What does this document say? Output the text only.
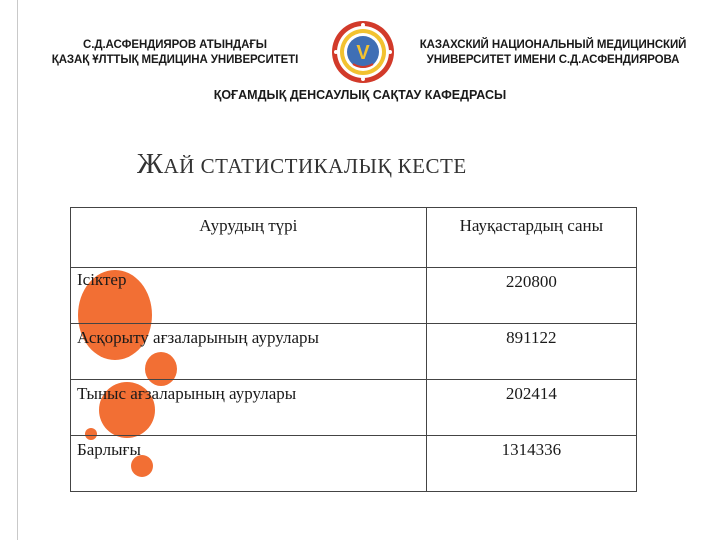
С.Д.АСФЕНДИЯРОВ АТЫНДАҒЫ
ҚАЗАҚ ҰЛТТЫҚ МЕДИЦИНА УНИВЕРСИТЕТІ	V	КАЗАХСКИЙ НАЦИОНАЛЬНЫЙ МЕДИЦИНСКИЙ
УНИВЕРСИТЕТ ИМЕНИ С.Д.АСФЕНДИЯРОВА
ҚОҒАМДЫҚ ДЕНСАУЛЫҚ САҚТАУ КАФЕДРАСЫ
ЖАЙ СТАТИСТИКАЛЫҚ КЕСТЕ
Аурудың түрі	Науқастардың саны
Ісіктер	220800
Асқорыту ағзаларының аурулары	891122
Тыныс ағзаларының аурулары	202414
Барлығы	1314336
